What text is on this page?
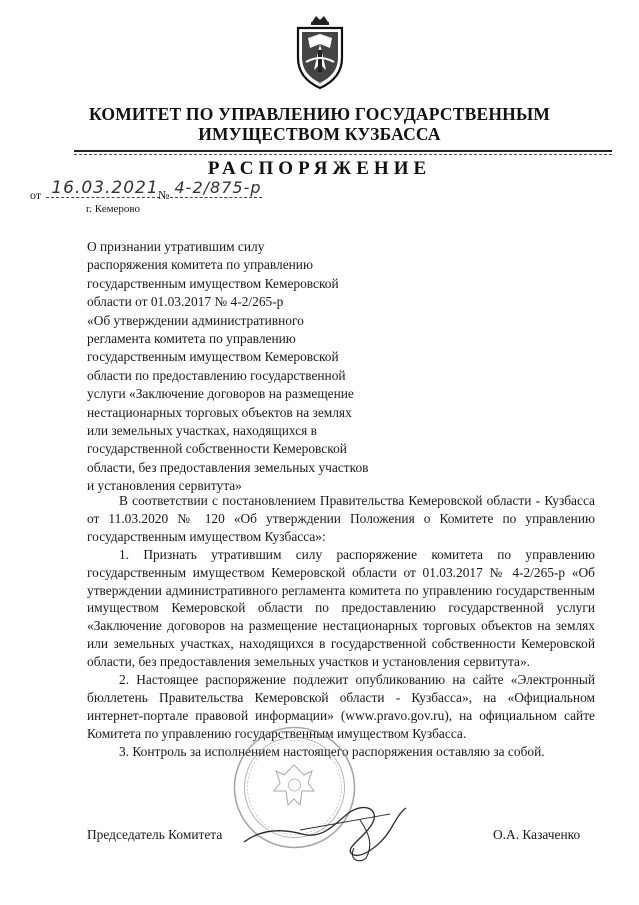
КОМИТЕТ ПО УПРАВЛЕНИЮ ГОСУДАРСТВЕННЫМ
ИМУЩЕСТВОМ КУЗБАССА
РАСПОРЯЖЕНИЕ
от 16.03.2021 № 4-2/875-р
г. Кемерово
О признании утратившим силу
распоряжения комитета по управлению
государственным имуществом Кемеровской
области от 01.03.2017 № 4-2/265-р
«Об утверждении административного
регламента комитета по управлению
государственным имуществом Кемеровской
области по предоставлению государственной
услуги «Заключение договоров на размещение
нестационарных торговых объектов на землях
или земельных участках, находящихся в
государственной собственности Кемеровской
области, без предоставления земельных участков
и установления сервитута»

В соответствии с постановлением Правительства Кемеровской области - Кузбасса от 11.03.2020 № 120 «Об утверждении Положения о Комитете по управлению государственным имуществом Кузбасса»:

1. Признать утратившим силу распоряжение комитета по управлению государственным имуществом Кемеровской области от 01.03.2017 № 4-2/265-р «Об утверждении административного регламента комитета по управлению государственным имуществом Кемеровской области по предоставлению государственной услуги «Заключение договоров на размещение нестационарных торговых объектов на землях или земельных участках, находящихся в государственной собственности Кемеровской области, без предоставления земельных участков и установления сервитута».

2. Настоящее распоряжение подлежит опубликованию на сайте «Электронный бюллетень Правительства Кемеровской области - Кузбасса», на «Официальном интернет-портале правовой информации» (www.pravo.gov.ru), на официальном сайте Комитета по управлению государственным имуществом Кузбасса.

3. Контроль за исполнением настоящего распоряжения оставляю за собой.

Председатель Комитета	О.А. Казаченко
